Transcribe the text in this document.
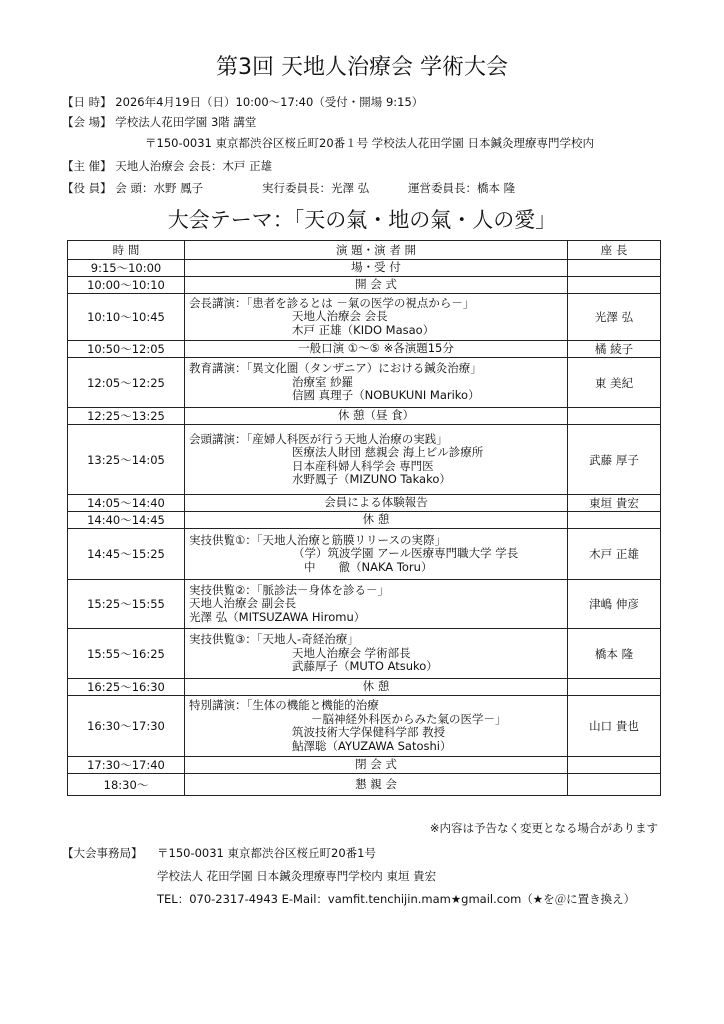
第3回 天地人治療会 学術大会
【日 時】 2026年4月19日（日）10:00～17:40（受付・開場 9:15）
【会 場】 学校法人花田学園 3階 講堂
〒150-0031 東京都渋谷区桜丘町20番１号 学校法人花田学園 日本鍼灸理療専門学校内
【主 催】 天地人治療会 会長：木戸 正雄
【役 員】 会 頭：水野 鳳子	実行委員長：光澤 弘	運営委員長：橋本 隆
大会テーマ：「天の氣・地の氣・人の愛」
時 間	演 題・演 者 開	座 長
9:15～10:00	場・受 付	

10:00～10:10	開 会 式	

10:10～10:45	会長講演：「患者を診るとは －氣の医学の視点から－」
天地人治療会 会長
木戸 正雄（KIDO Masao）	光澤 弘
10:50～12:05	一般口演 ①～⑤ ※各演題15分	橘 綾子
12:05～12:25	教育講演：「異文化圏（タンザニア）における鍼灸治療」
治療室 紗羅
信國 真理子（NOBUKUNI Mariko）	東 美紀
12:25～13:25	休 憩（昼 食）	

13:25～14:05	会頭講演：「産婦人科医が行う天地人治療の実践」
医療法人財団 慈親会 海上ビル診療所
日本産科婦人科学会 専門医
水野鳳子（MIZUNO Takako）	武藤 厚子
14:05～14:40	会員による体験報告	東垣 貴宏
14:40～14:45	休 憩	

14:45～15:25	実技供覧①：「天地人治療と筋膜リリースの実際」
（学）筑波学園 アール医療専門職大学 学長
中　　徹（NAKA Toru）	木戸 正雄
15:25～15:55	実技供覧②：「脈診法－身体を診る－」
天地人治療会 副会長
光澤 弘（MITSUZAWA Hiromu）	津嶋 伸彦
15:55～16:25	実技供覧③：「天地人-奇経治療」
天地人治療会 学術部長
武藤厚子（MUTO Atsuko）	橋本 隆
16:25～16:30	休 憩	

16:30～17:30	特別講演：「生体の機能と機能的治療
－脳神経外科医からみた氣の医学－」
筑波技術大学保健科学部 教授
鮎澤聡（AYUZAWA Satoshi）	山口 貴也
17:30～17:40	閉 会 式	

18:30～	懇 親 会	

※内容は予告なく変更となる場合があります
【大会事務局】 〒150-0031 東京都渋谷区桜丘町20番1号
学校法人 花田学園 日本鍼灸理療専門学校内 東垣 貴宏
TEL：070-2317-4943 E-Mail：vamfit.tenchijin.mam★gmail.com（★を＠に置き換え）
